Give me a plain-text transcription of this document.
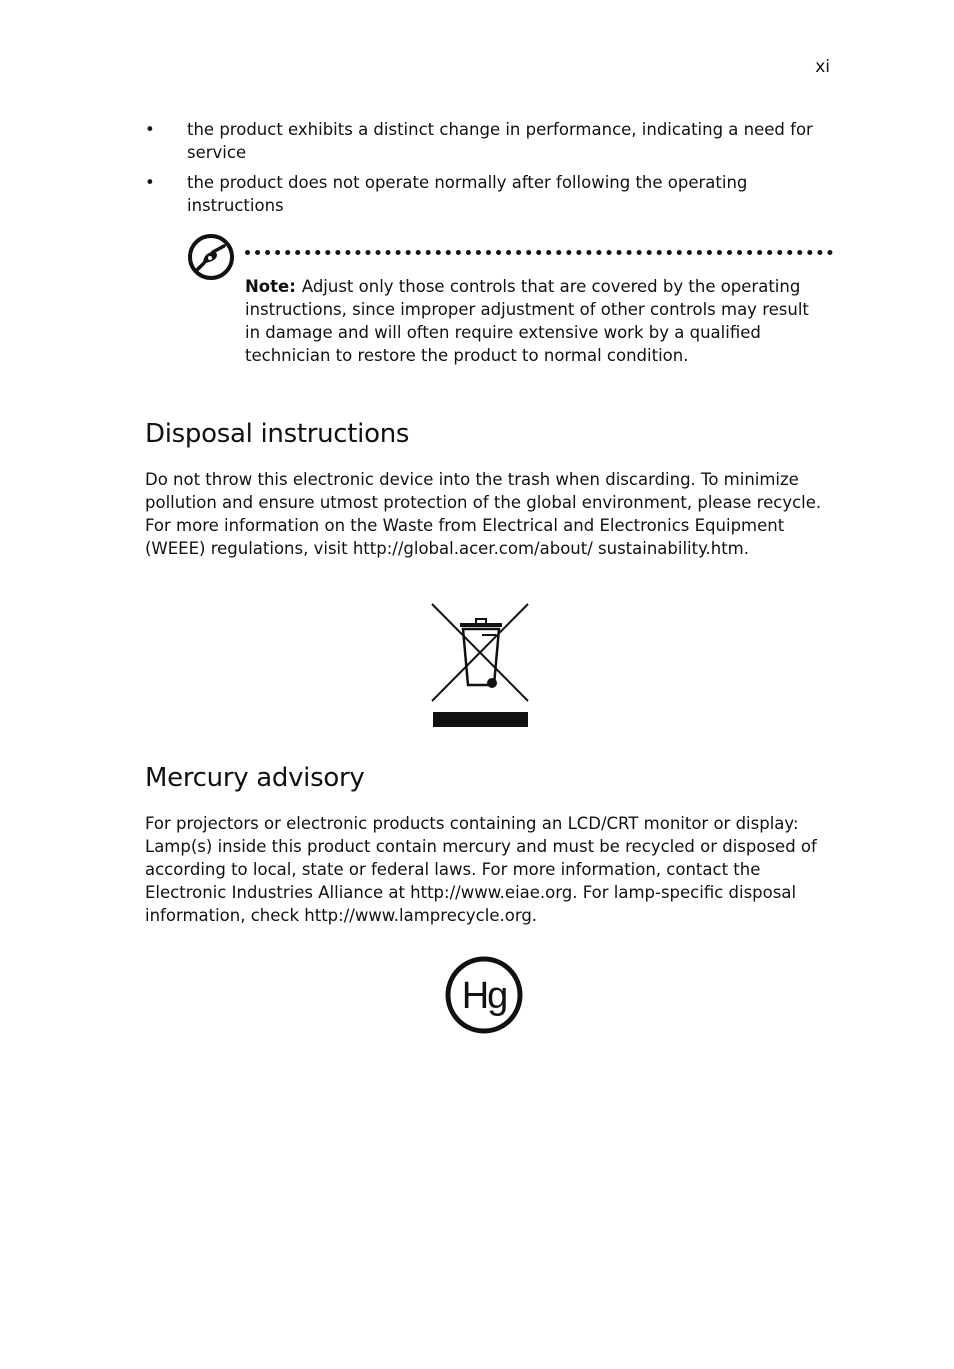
xi
• the product exhibits a distinct change in performance, indicating a need for service
• the product does not operate normally after following the operating instructions

Note: Adjust only those controls that are covered by the operating instructions, since improper adjustment of other controls may result in damage and will often require extensive work by a qualified technician to restore the product to normal condition.

Disposal instructions

Do not throw this electronic device into the trash when discarding. To minimize pollution and ensure utmost protection of the global environment, please recycle. For more information on the Waste from Electrical and Electronics Equipment (WEEE) regulations, visit http://global.acer.com/about/ sustainability.htm.

Mercury advisory

For projectors or electronic products containing an LCD/CRT monitor or display: Lamp(s) inside this product contain mercury and must be recycled or disposed of according to local, state or federal laws. For more information, contact the Electronic Industries Alliance at http://www.eiae.org. For lamp-specific disposal information, check http://www.lamprecycle.org.

Hg
